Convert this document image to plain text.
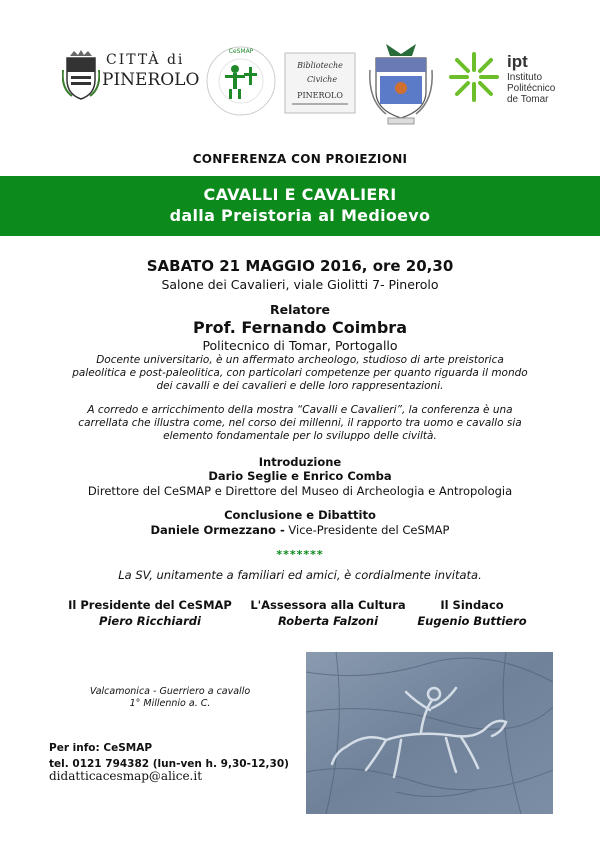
CITTÀ di
PINEROLO
CeSMAP
Biblioteche
Civiche
PINEROLO
ipt
Instituto
Politécnico
de Tomar
CONFERENZA CON PROIEZIONI
CAVALLI E CAVALIERI
dalla Preistoria al Medioevo
SABATO 21 MAGGIO 2016, ore 20,30
Salone dei Cavalieri, viale Giolitti 7- Pinerolo
Relatore
Prof. Fernando Coimbra
Politecnico di Tomar, Portogallo
Docente universitario, è un affermato archeologo, studioso di arte preistorica
paleolitica e post-paleolitica, con particolari competenze per quanto riguarda il mondo
dei cavalli e dei cavalieri e delle loro rappresentazioni.
A corredo e arricchimento della mostra “Cavalli e Cavalieri”, la conferenza è una
carrellata che illustra come, nel corso dei millenni, il rapporto tra uomo e cavallo sia
elemento fondamentale per lo sviluppo delle civiltà.
Introduzione
Dario Seglie e Enrico Comba
Direttore del CeSMAP e Direttore del Museo di Archeologia e Antropologia
Conclusione e Dibattito
Daniele Ormezzano - Vice-Presidente del CeSMAP
*******
La SV, unitamente a familiari ed amici, è cordialmente invitata.
Il Presidente del CeSMAP
Piero Ricchiardi
L'Assessora alla Cultura
Roberta Falzoni
Il Sindaco
Eugenio Buttiero
Valcamonica - Guerriero a cavallo
1° Millennio a. C.
Per info: CeSMAP
tel. 0121 794382 (lun-ven h. 9,30-12,30)
didatticacesmap@alice.it
